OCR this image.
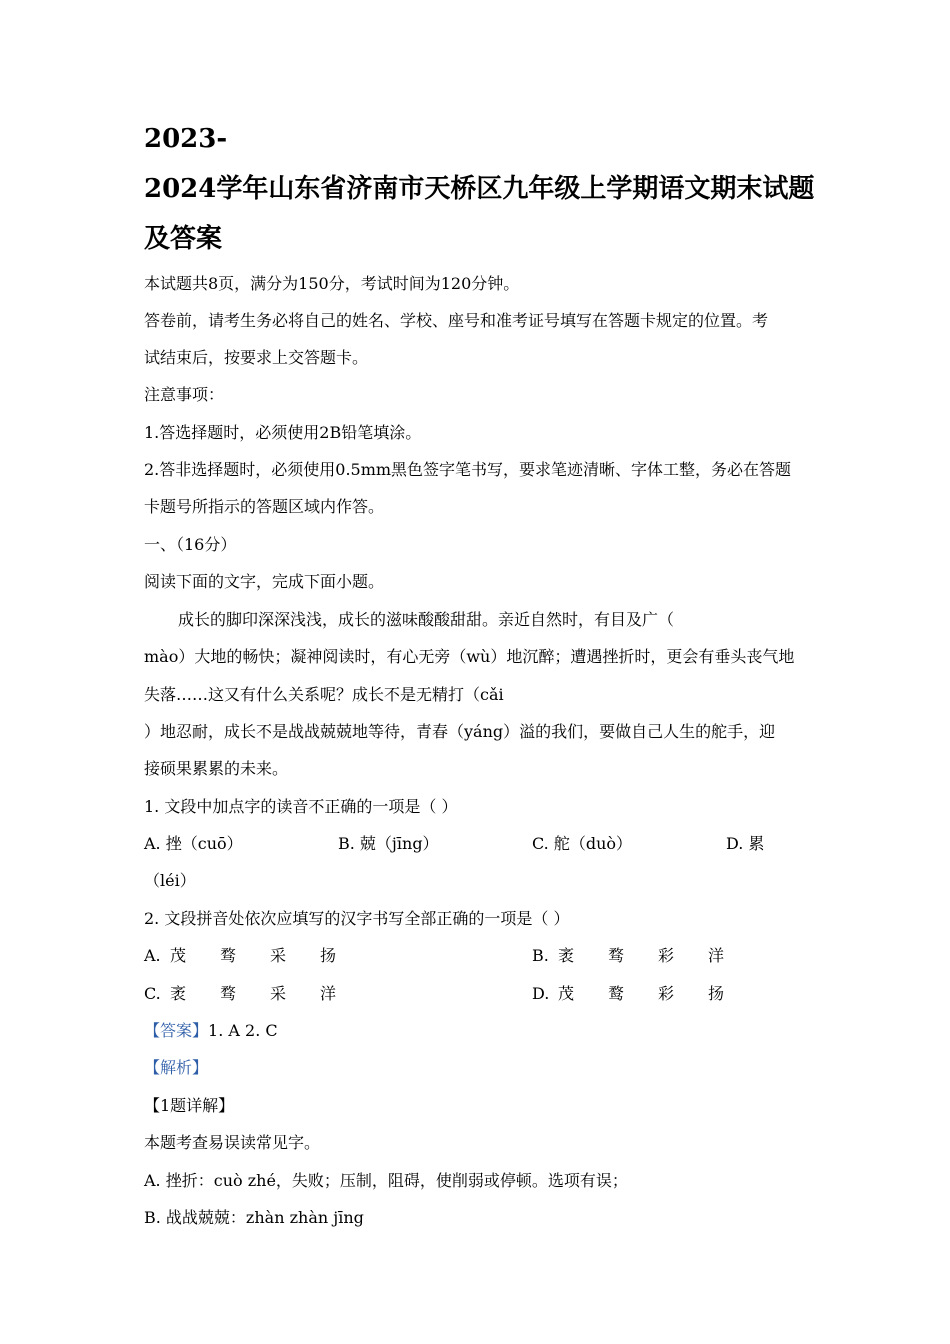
2023-
2024学年山东省济南市天桥区九年级上学期语文期末试题
及答案
本试题共8页，满分为150分，考试时间为120分钟。
答卷前，请考生务必将自己的姓名、学校、座号和准考证号填写在答题卡规定的位置。考
试结束后，按要求上交答题卡。
注意事项：
1.答选择题时，必须使用2B铅笔填涂。
2.答非选择题时，必须使用0.5mm黑色签字笔书写，要求笔迹清晰、字体工整，务必在答题
卡题号所指示的答题区域内作答。
一、（16分）
阅读下面的文字，完成下面小题。
成长的脚印深深浅浅，成长的滋味酸酸甜甜。亲近自然时，有目及广（
mào）大地的畅快；凝神阅读时，有心无旁（wù）地沉醉；遭遇挫折时，更会有垂头丧气地
失落……这又有什么关系呢？成长不是无精打（cǎi
）地忍耐，成长不是战战兢兢地等待，青春（yáng）溢的我们，要做自己人生的舵手，迎
接硕果累累的未来。
1. 文段中加点字的读音不正确的一项是（ ）
A. 挫（cuō）	B. 兢（jīng）	C. 舵（duò）	D. 累
（léi）
2. 文段拼音处依次应填写的汉字书写全部正确的一项是（ ）
A. 茂 骛 采 扬	B. 袤 骛 彩 洋
C. 袤 骛 采 洋	D. 茂 鹜 彩 扬
【答案】1. A 2. C
【解析】
【1题详解】
本题考查易误读常见字。
A. 挫折：cuò zhé，失败；压制，阻碍，使削弱或停顿。选项有误；
B. 战战兢兢：zhàn zhàn jīng
